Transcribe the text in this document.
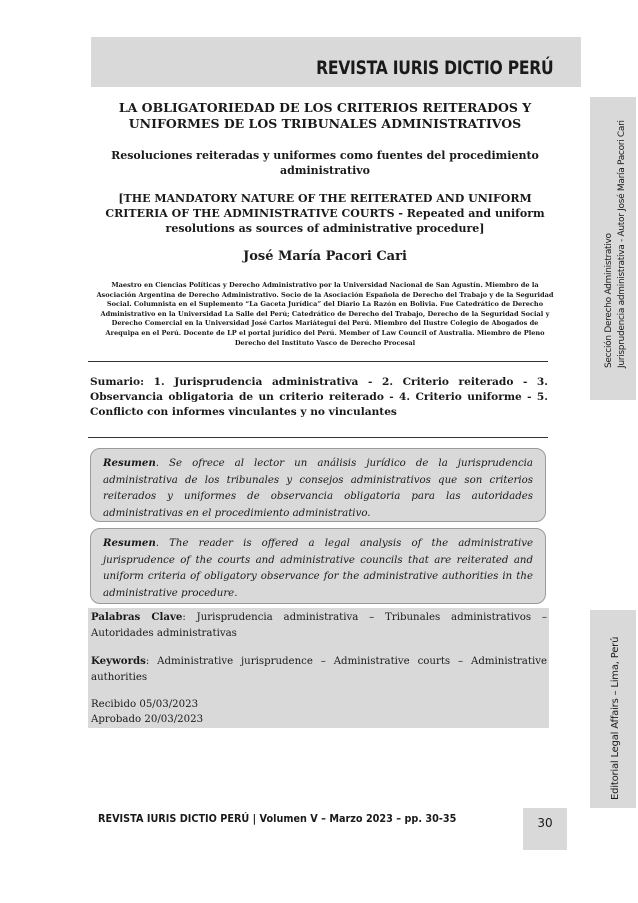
REVISTA IURIS DICTIO PERÚ
Sección Derecho Administrativo Jurisprudencia administrativa - Autor José María Pacori Cari
Editorial Legal Affairs – Lima, Perú
LA OBLIGATORIEDAD DE LOS CRITERIOS REITERADOS Y
UNIFORMES DE LOS TRIBUNALES ADMINISTRATIVOS
Resoluciones reiteradas y uniformes como fuentes del procedimiento
administrativo
[THE MANDATORY NATURE OF THE REITERATED AND UNIFORM
CRITERIA OF THE ADMINISTRATIVE COURTS - Repeated and uniform
resolutions as sources of administrative procedure]
José María Pacori Cari
Maestro en Ciencias Políticas y Derecho Administrativo por la Universidad Nacional de San Agustín. Miembro de la
Asociación Argentina de Derecho Administrativo. Socio de la Asociación Española de Derecho del Trabajo y de la Seguridad
Social. Columnista en el Suplemento “La Gaceta Jurídica” del Diario La Razón en Bolivia. Fue Catedrático de Derecho
Administrativo en la Universidad La Salle del Perú; Catedrático de Derecho del Trabajo, Derecho de la Seguridad Social y
Derecho Comercial en la Universidad José Carlos Mariátegui del Perú. Miembro del Ilustre Colegio de Abogados de
Arequipa en el Perú. Docente de LP el portal jurídico del Perú. Member of Law Council of Australia. Miembro de Pleno
Derecho del Instituto Vasco de Derecho Procesal
Sumario: 1. Jurisprudencia administrativa - 2. Criterio reiterado - 3. Observancia obligatoria de un criterio reiterado - 4. Criterio uniforme - 5. Conflicto con informes vinculantes y no vinculantes
Resumen. Se ofrece al lector un análisis jurídico de la jurisprudencia administrativa de los tribunales y consejos administrativos que son criterios reiterados y uniformes de observancia obligatoria para las autoridades administrativas en el procedimiento administrativo.
Resumen. The reader is offered a legal analysis of the administrative jurisprudence of the courts and administrative councils that are reiterated and uniform criteria of obligatory observance for the administrative authorities in the administrative procedure.
Palabras Clave: Jurisprudencia administrativa – Tribunales administrativos – Autoridades administrativas
Keywords: Administrative jurisprudence – Administrative courts – Administrative authorities
Recibido 05/03/2023
Aprobado 20/03/2023
REVISTA IURIS DICTIO PERÚ | Volumen V – Marzo 2023 – pp. 30-35	30
